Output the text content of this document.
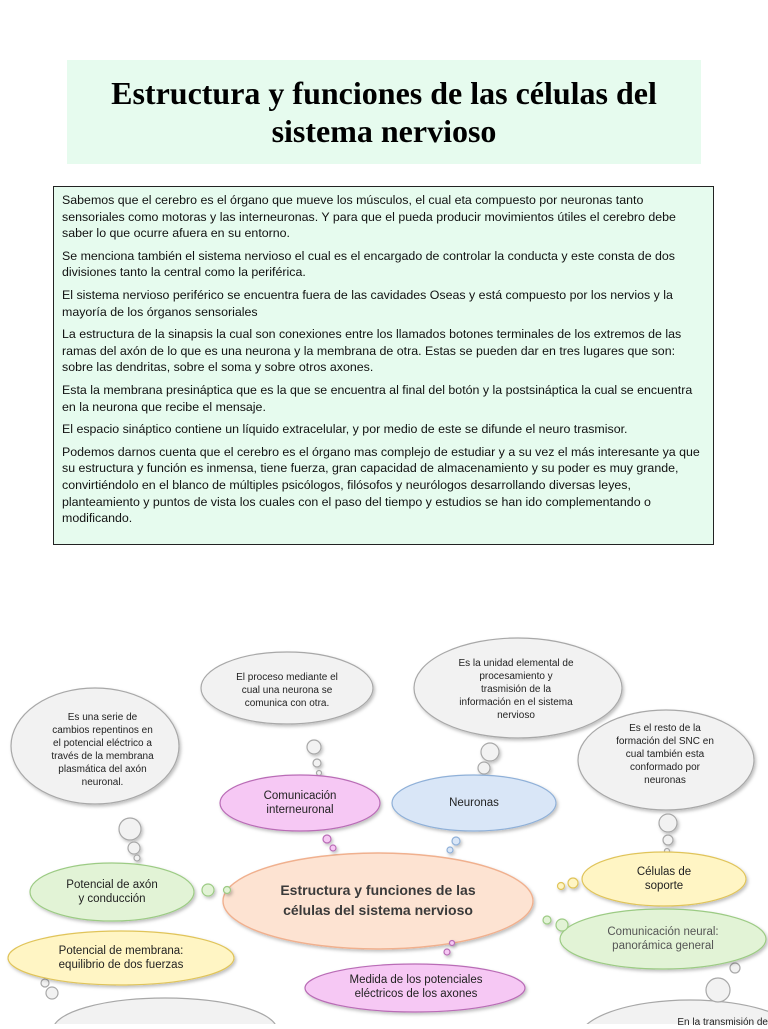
Estructura y funciones de las células del
sistema nervioso

Sabemos que el cerebro es el órgano que mueve los músculos, el cual eta compuesto por neuronas tanto sensoriales como motoras y las interneuronas. Y para que el pueda producir movimientos útiles el cerebro debe saber lo que ocurre afuera en su entorno.

Se menciona también el sistema nervioso el cual es el encargado de controlar la conducta y este consta de dos divisiones tanto la central como la periférica.

El sistema nervioso periférico se encuentra fuera de las cavidades Oseas y está compuesto por los nervios y la mayoría de los órganos sensoriales

La estructura de la sinapsis la cual son conexiones entre los llamados botones terminales de los extremos de las ramas del axón de lo que es una neurona y la membrana de otra. Estas se pueden dar en tres lugares que son: sobre las dendritas, sobre el soma y sobre otros axones.

Esta la membrana presináptica que es la que se encuentra al final del botón y la postsináptica la cual se encuentra en la neurona que recibe el mensaje.

El espacio sináptico contiene un líquido extracelular, y por medio de este se difunde el neuro trasmisor.

Podemos darnos cuenta que el cerebro es el órgano mas complejo de estudiar y a su vez el más interesante ya que su estructura y función es inmensa, tiene fuerza, gran capacidad de almacenamiento y su poder es muy grande, convirtiéndolo en el blanco de múltiples psicólogos, filósofos y neurólogos desarrollando diversas leyes, planteamiento y puntos de vista los cuales con el paso del tiempo y estudios se han ido complementando o modificando.

El proceso mediante el
cual una neurona se
comunica con otra.
Es la unidad elemental de
procesamiento y
trasmisión de la
información en el sistema
nervioso
Es una serie de
cambios repentinos en
el potencial eléctrico a
través de la membrana
plasmática del axón
neuronal.
Es el resto de la
formación del SNC en
cual también esta
conformado por
neuronas
En la transmisión de
Estructura y funciones de las
células del sistema nervioso
Comunicación
interneuronal
Neuronas
Células de
soporte
Potencial de axón
y conducción
Potencial de membrana:
equilibrio de dos fuerzas
Comunicación neural:
panorámica general
Medida de los potenciales
eléctricos de los axones
